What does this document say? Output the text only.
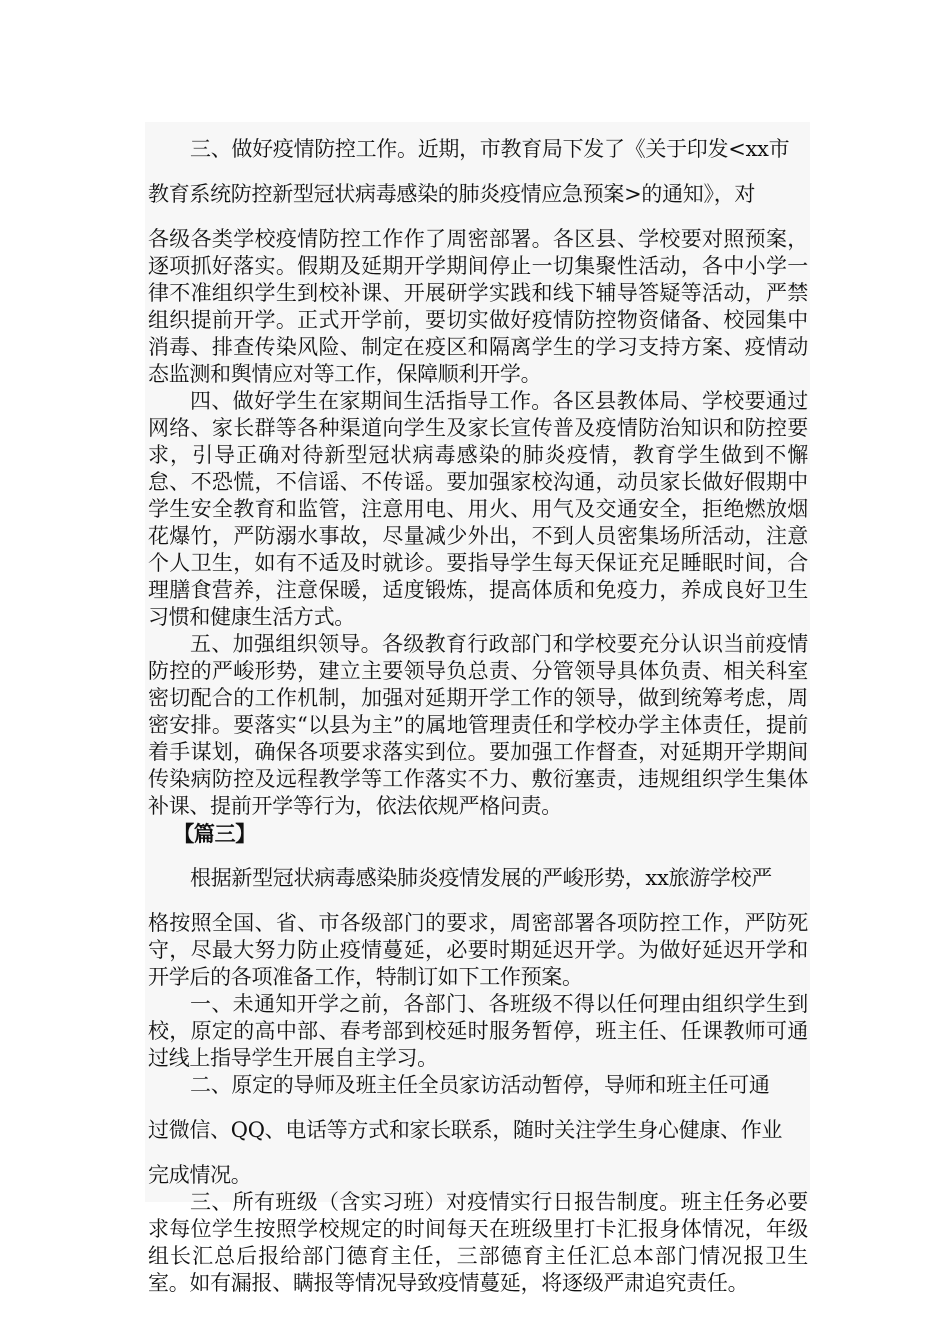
三、做好疫情防控工作。近期，市教育局下发了《关于印发<xx市

教育系统防控新型冠状病毒感染的肺炎疫情应急预案>的通知》，对

各级各类学校疫情防控工作作了周密部署。各区县、学校要对照预案，逐项抓好落实。假期及延期开学期间停止一切集聚性活动，各中小学一律不准组织学生到校补课、开展研学实践和线下辅导答疑等活动，严禁组织提前开学。正式开学前，要切实做好疫情防控物资储备、校园集中消毒、排查传染风险、制定在疫区和隔离学生的学习支持方案、疫情动态监测和舆情应对等工作，保障顺利开学。

四、做好学生在家期间生活指导工作。各区县教体局、学校要通过网络、家长群等各种渠道向学生及家长宣传普及疫情防治知识和防控要求，引导正确对待新型冠状病毒感染的肺炎疫情，教育学生做到不懈怠、不恐慌，不信谣、不传谣。要加强家校沟通，动员家长做好假期中学生安全教育和监管，注意用电、用火、用气及交通安全，拒绝燃放烟花爆竹，严防溺水事故，尽量减少外出，不到人员密集场所活动，注意个人卫生，如有不适及时就诊。要指导学生每天保证充足睡眠时间，合理膳食营养，注意保暖，适度锻炼，提高体质和免疫力，养成良好卫生习惯和健康生活方式。

五、加强组织领导。各级教育行政部门和学校要充分认识当前疫情防控的严峻形势，建立主要领导负总责、分管领导具体负责、相关科室密切配合的工作机制，加强对延期开学工作的领导，做到统筹考虑，周密安排。要落实“以县为主”的属地管理责任和学校办学主体责任，提前着手谋划，确保各项要求落实到位。要加强工作督查，对延期开学期间传染病防控及远程教学等工作落实不力、敷衍塞责，违规组织学生集体补课、提前开学等行为，依法依规严格问责。

【篇三】

根据新型冠状病毒感染肺炎疫情发展的严峻形势，xx旅游学校严

格按照全国、省、市各级部门的要求，周密部署各项防控工作，严防死守，尽最大努力防止疫情蔓延，必要时期延迟开学。为做好延迟开学和开学后的各项准备工作，特制订如下工作预案。

一、未通知开学之前，各部门、各班级不得以任何理由组织学生到校，原定的高中部、春考部到校延时服务暂停，班主任、任课教师可通过线上指导学生开展自主学习。

二、原定的导师及班主任全员家访活动暂停，导师和班主任可通

过微信、QQ、电话等方式和家长联系，随时关注学生身心健康、作业

完成情况。

三、所有班级（含实习班）对疫情实行日报告制度。班主任务必要求每位学生按照学校规定的时间每天在班级里打卡汇报身体情况，年级组长汇总后报给部门德育主任，三部德育主任汇总本部门情况报卫生室。如有漏报、瞒报等情况导致疫情蔓延，将逐级严肃追究责任。
